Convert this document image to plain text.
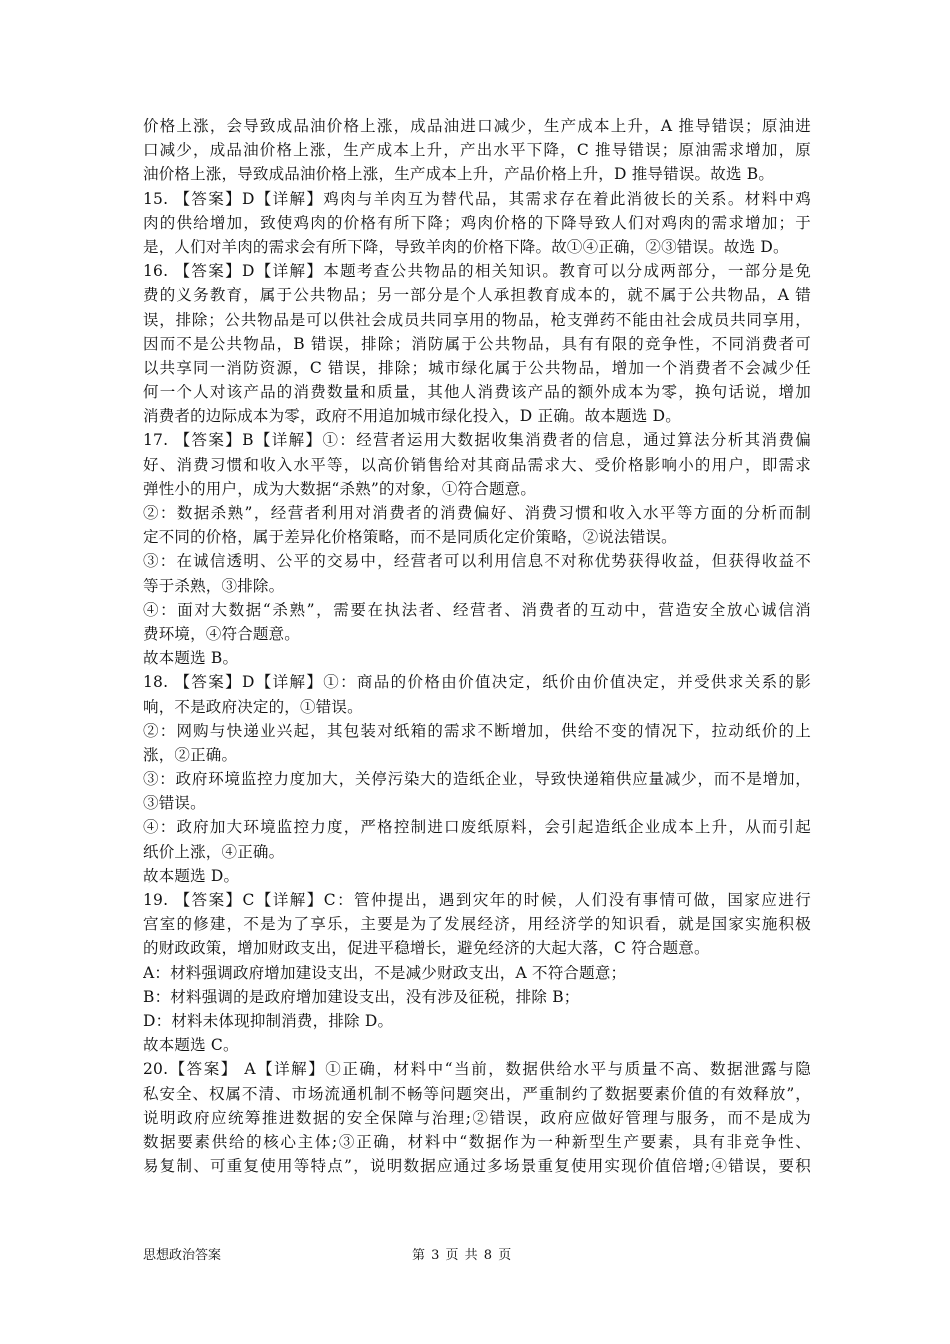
价格上涨，会导致成品油价格上涨，成品油进口减少，生产成本上升，A 推导错误；原油进
口减少，成品油价格上涨，生产成本上升，产出水平下降，C 推导错误；原油需求增加，原
油价格上涨，导致成品油价格上涨，生产成本上升，产品价格上升，D 推导错误。故选 B。
15. 【答案】D【详解】鸡肉与羊肉互为替代品，其需求存在着此消彼长的关系。材料中鸡
肉的供给增加，致使鸡肉的价格有所下降；鸡肉价格的下降导致人们对鸡肉的需求增加；于
是，人们对羊肉的需求会有所下降，导致羊肉的价格下降。故①④正确，②③错误。故选 D。
16. 【答案】D【详解】本题考查公共物品的相关知识。教育可以分成两部分，一部分是免
费的义务教育，属于公共物品；另一部分是个人承担教育成本的，就不属于公共物品，A 错
误，排除；公共物品是可以供社会成员共同享用的物品，枪支弹药不能由社会成员共同享用，
因而不是公共物品，B 错误，排除；消防属于公共物品，具有有限的竞争性，不同消费者可
以共享同一消防资源，C 错误，排除；城市绿化属于公共物品，增加一个消费者不会减少任
何一个人对该产品的消费数量和质量，其他人消费该产品的额外成本为零，换句话说，增加
消费者的边际成本为零，政府不用追加城市绿化投入，D 正确。故本题选 D。
17. 【答案】B【详解】①：经营者运用大数据收集消费者的信息，通过算法分析其消费偏
好、消费习惯和收入水平等，以高价销售给对其商品需求大、受价格影响小的用户，即需求
弹性小的用户，成为大数据“杀熟”的对象，①符合题意。
②：数据杀熟”，经营者利用对消费者的消费偏好、消费习惯和收入水平等方面的分析而制
定不同的价格，属于差异化价格策略，而不是同质化定价策略，②说法错误。
③：在诚信透明、公平的交易中，经营者可以利用信息不对称优势获得收益，但获得收益不
等于杀熟，③排除。
④：面对大数据“杀熟”，需要在执法者、经营者、消费者的互动中，营造安全放心诚信消
费环境，④符合题意。
故本题选 B。
18. 【答案】D【详解】①：商品的价格由价值决定，纸价由价值决定，并受供求关系的影
响，不是政府决定的，①错误。
②：网购与快递业兴起，其包装对纸箱的需求不断增加，供给不变的情况下，拉动纸价的上
涨，②正确。
③：政府环境监控力度加大，关停污染大的造纸企业，导致快递箱供应量减少，而不是增加，
③错误。
④：政府加大环境监控力度，严格控制进口废纸原料，会引起造纸企业成本上升，从而引起
纸价上涨，④正确。
故本题选 D。
19. 【答案】C【详解】C：管仲提出，遇到灾年的时候，人们没有事情可做，国家应进行
宫室的修建，不是为了享乐，主要是为了发展经济，用经济学的知识看，就是国家实施积极
的财政政策，增加财政支出，促进平稳增长，避免经济的大起大落，C 符合题意。
A：材料强调政府增加建设支出，不是减少财政支出，A 不符合题意；
B：材料强调的是政府增加建设支出，没有涉及征税，排除 B；
D：材料未体现抑制消费，排除 D。
故本题选 C。
20.【答案】 A【详解】①正确，材料中“当前，数据供给水平与质量不高、数据泄露与隐
私安全、权属不清、市场流通机制不畅等问题突出，严重制约了数据要素价值的有效释放”，
说明政府应统筹推进数据的安全保障与治理;②错误，政府应做好管理与服务，而不是成为
数据要素供给的核心主体;③正确，材料中“数据作为一种新型生产要素，具有非竞争性、
易复制、可重复使用等特点”，说明数据应通过多场景重复使用实现价值倍增;④错误，要积
思想政治答案	第 3 页 共 8 页
